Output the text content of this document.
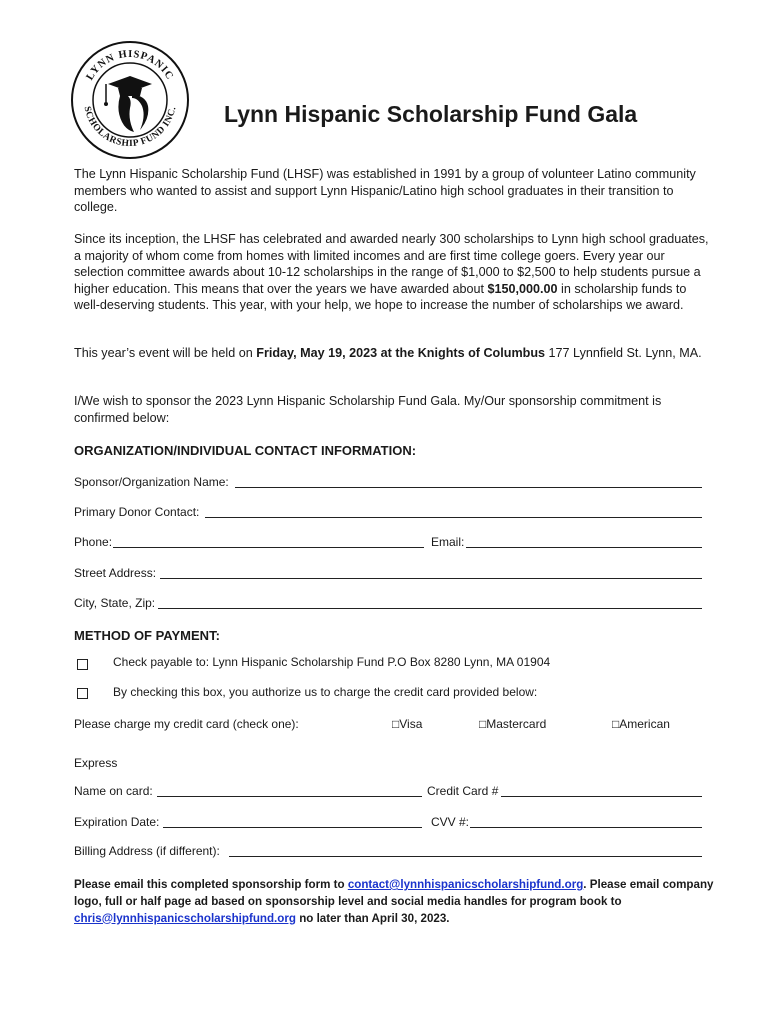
LYNN HISPANIC
SCHOLARSHIP FUND INC. Lynn Hispanic Scholarship Fund Gala
The Lynn Hispanic Scholarship Fund (LHSF) was established in 1991 by a group of volunteer Latino community members who wanted to assist and support Lynn Hispanic/Latino high school graduates in their transition to college.
Since its inception, the LHSF has celebrated and awarded nearly 300 scholarships to Lynn high school graduates, a majority of whom come from homes with limited incomes and are first time college goers. Every year our selection committee awards about 10-12 scholarships in the range of $1,000 to $2,500 to help students pursue a higher education. This means that over the years we have awarded about $150,000.00 in scholarship funds to well-deserving students. This year, with your help, we hope to increase the number of scholarships we award.
This year’s event will be held on Friday, May 19, 2023 at the Knights of Columbus 177 Lynnfield St. Lynn, MA.
I/We wish to sponsor the 2023 Lynn Hispanic Scholarship Fund Gala. My/Our sponsorship commitment is confirmed below:
ORGANIZATION/INDIVIDUAL CONTACT INFORMATION:
Sponsor/Organization Name:
Primary Donor Contact:
Phone:	Email:
Street Address:
City, State, Zip:
METHOD OF PAYMENT:
Check payable to: Lynn Hispanic Scholarship Fund P.O Box 8280 Lynn, MA 01904
By checking this box, you authorize us to charge the credit card provided below:
Please charge my credit card (check one):	□Visa	□Mastercard	□American
Express
Name on card:	Credit Card #
Expiration Date:	CVV #:
Billing Address (if different):
Please email this completed sponsorship form to contact@lynnhispanicscholarshipfund.org. Please email company logo, full or half page ad based on sponsorship level and social media handles for program book to chris@lynnhispanicscholarshipfund.org no later than April 30, 2023.
